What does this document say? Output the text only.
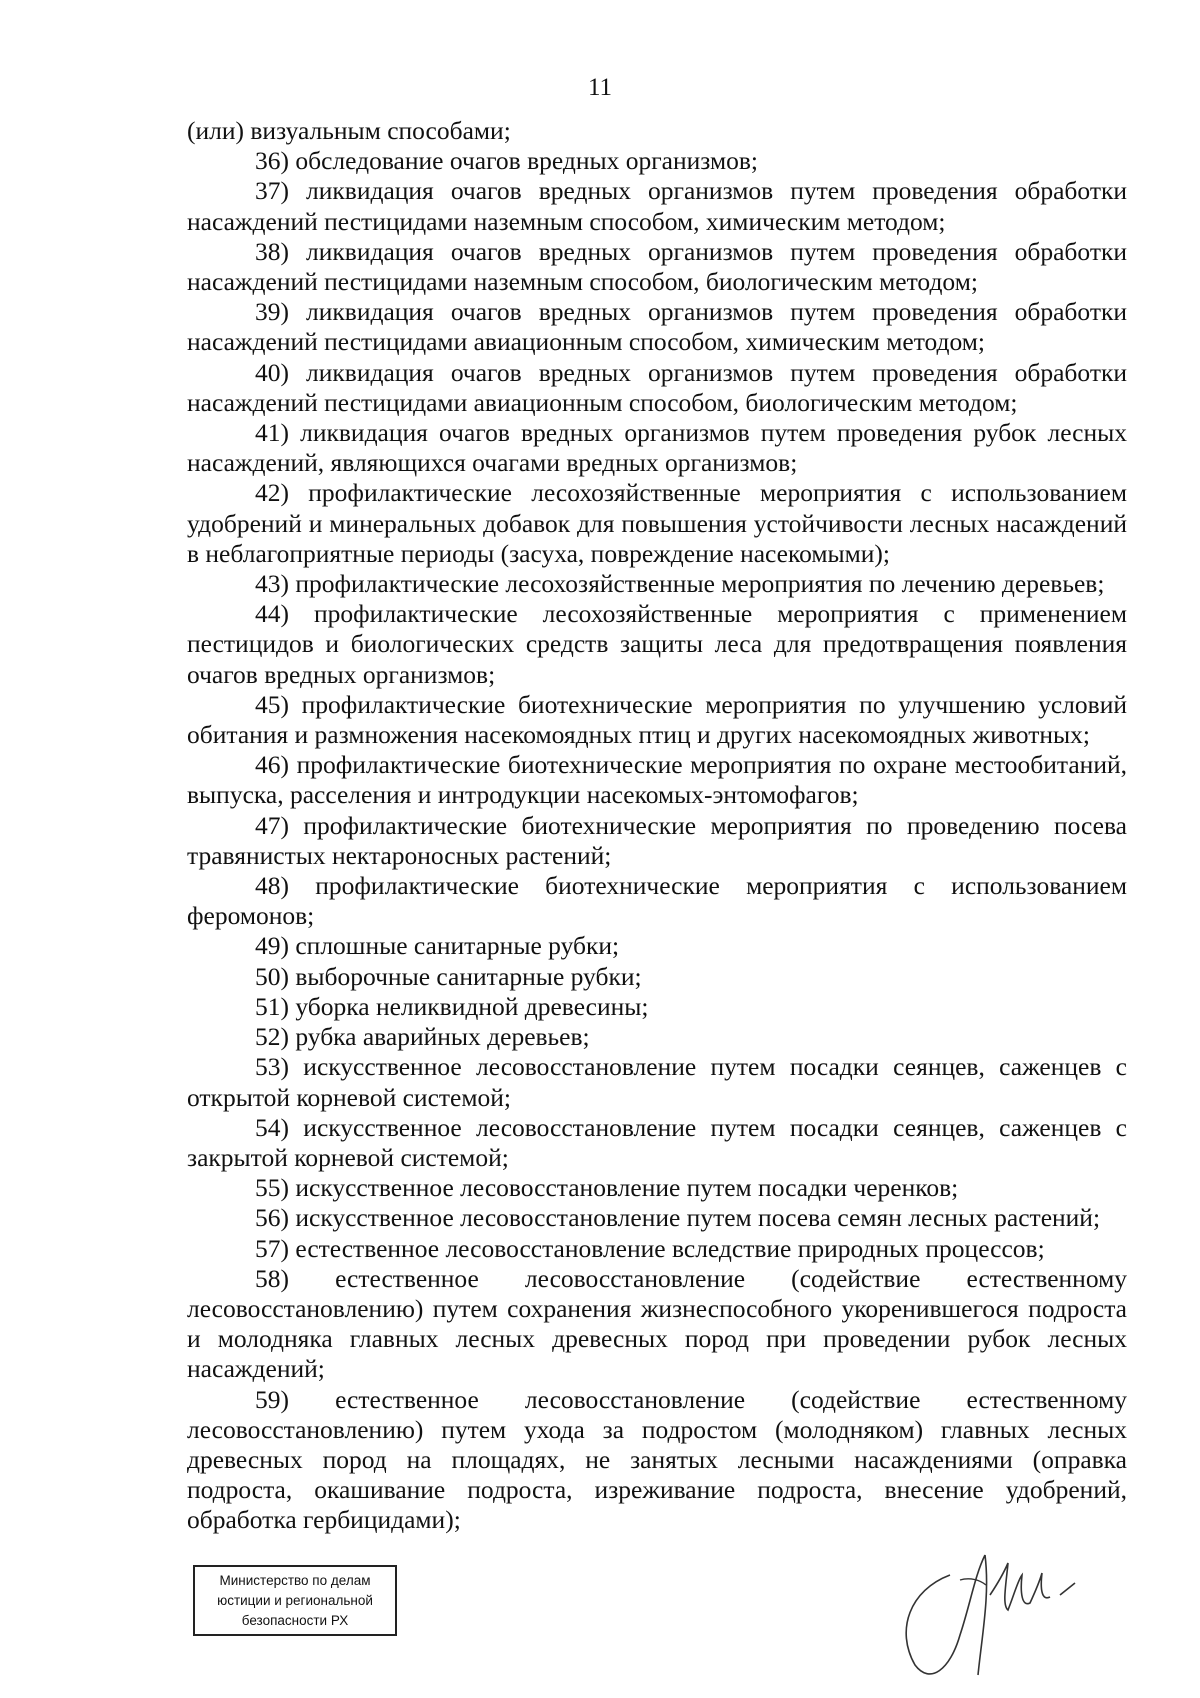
11

(или) визуальным способами;

36) обследование очагов вредных организмов;

37) ликвидация очагов вредных организмов путем проведения обработки насаждений пестицидами наземным способом, химическим методом;

38) ликвидация очагов вредных организмов путем проведения обработки насаждений пестицидами наземным способом, биологическим методом;

39) ликвидация очагов вредных организмов путем проведения обработки насаждений пестицидами авиационным способом, химическим методом;

40) ликвидация очагов вредных организмов путем проведения обработки насаждений пестицидами авиационным способом, биологическим методом;

41) ликвидация очагов вредных организмов путем проведения рубок лесных насаждений, являющихся очагами вредных организмов;

42) профилактические лесохозяйственные мероприятия с использованием удобрений и минеральных добавок для повышения устойчивости лесных насаждений в неблагоприятные периоды (засуха, повреждение насекомыми);

43) профилактические лесохозяйственные мероприятия по лечению деревьев;

44) профилактические лесохозяйственные мероприятия с применением пестицидов и биологических средств защиты леса для предотвращения появления очагов вредных организмов;

45) профилактические биотехнические мероприятия по улучшению условий обитания и размножения насекомоядных птиц и других насекомоядных животных;

46) профилактические биотехнические мероприятия по охране местообитаний, выпуска, расселения и интродукции насекомых-энтомофагов;

47) профилактические биотехнические мероприятия по проведению посева травянистых нектароносных растений;

48) профилактические биотехнические мероприятия с использованием феромонов;

49) сплошные санитарные рубки;

50) выборочные санитарные рубки;

51) уборка неликвидной древесины;

52) рубка аварийных деревьев;

53) искусственное лесовосстановление путем посадки сеянцев, саженцев с открытой корневой системой;

54) искусственное лесовосстановление путем посадки сеянцев, саженцев с закрытой корневой системой;

55) искусственное лесовосстановление путем посадки черенков;

56) искусственное лесовосстановление путем посева семян лесных растений;

57) естественное лесовосстановление вследствие природных процессов;

58) естественное лесовосстановление (содействие естественному лесовосстановлению) путем сохранения жизнеспособного укоренившегося подроста и молодняка главных лесных древесных пород при проведении рубок лесных насаждений;

59) естественное лесовосстановление (содействие естественному лесовосстановлению) путем ухода за подростом (молодняком) главных лесных древесных пород на площадях, не занятых лесными насаждениями (оправка подроста, окашивание подроста, изреживание подроста, внесение удобрений, обработка гербицидами);

Министерство по делам
юстиции и региональной
безопасности РХ
